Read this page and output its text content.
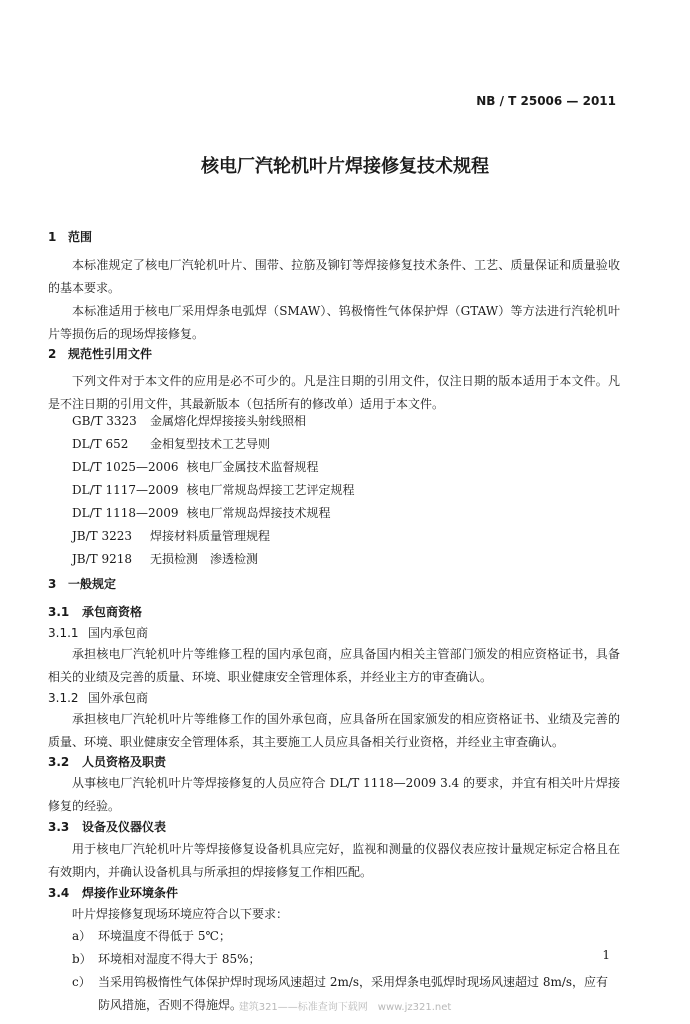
NB / T 25006 — 2011
核电厂汽轮机叶片焊接修复技术规程
1 范围
本标准规定了核电厂汽轮机叶片、围带、拉筋及铆钉等焊接修复技术条件、工艺、质量保证和质量验收的基本要求。
本标准适用于核电厂采用焊条电弧焊（SMAW）、钨极惰性气体保护焊（GTAW）等方法进行汽轮机叶片等损伤后的现场焊接修复。
2 规范性引用文件
下列文件对于本文件的应用是必不可少的。凡是注日期的引用文件，仅注日期的版本适用于本文件。凡是不注日期的引用文件，其最新版本（包括所有的修改单）适用于本文件。
GB/T 3323 金属熔化焊焊接接头射线照相
DL/T 652 金相复型技术工艺导则
DL/T 1025—2006 核电厂金属技术监督规程
DL/T 1117—2009 核电厂常规岛焊接工艺评定规程
DL/T 1118—2009 核电厂常规岛焊接技术规程
JB/T 3223 焊接材料质量管理规程
JB/T 9218 无损检测　渗透检测
3 一般规定
3.1 承包商资格
3.1.1 国内承包商
承担核电厂汽轮机叶片等维修工程的国内承包商，应具备国内相关主管部门颁发的相应资格证书，具备相关的业绩及完善的质量、环境、职业健康安全管理体系，并经业主方的审查确认。
3.1.2 国外承包商
承担核电厂汽轮机叶片等维修工作的国外承包商，应具备所在国家颁发的相应资格证书、业绩及完善的质量、环境、职业健康安全管理体系，其主要施工人员应具备相关行业资格，并经业主审查确认。
3.2 人员资格及职责
从事核电厂汽轮机叶片等焊接修复的人员应符合 DL/T 1118—2009 3.4 的要求，并宜有相关叶片焊接修复的经验。
3.3 设备及仪器仪表
用于核电厂汽轮机叶片等焊接修复设备机具应完好，监视和测量的仪器仪表应按计量规定标定合格且在有效期内，并确认设备机具与所承担的焊接修复工作相匹配。
3.4 焊接作业环境条件
叶片焊接修复现场环境应符合以下要求：
a） 环境温度不得低于 5℃；
b） 环境相对湿度不得大于 85%；
c） 当采用钨极惰性气体保护焊时现场风速超过 2m/s，采用焊条电弧焊时现场风速超过 8m/s，应有防风措施，否则不得施焊。
1
建筑321——标准查询下载网　www.jz321.net
